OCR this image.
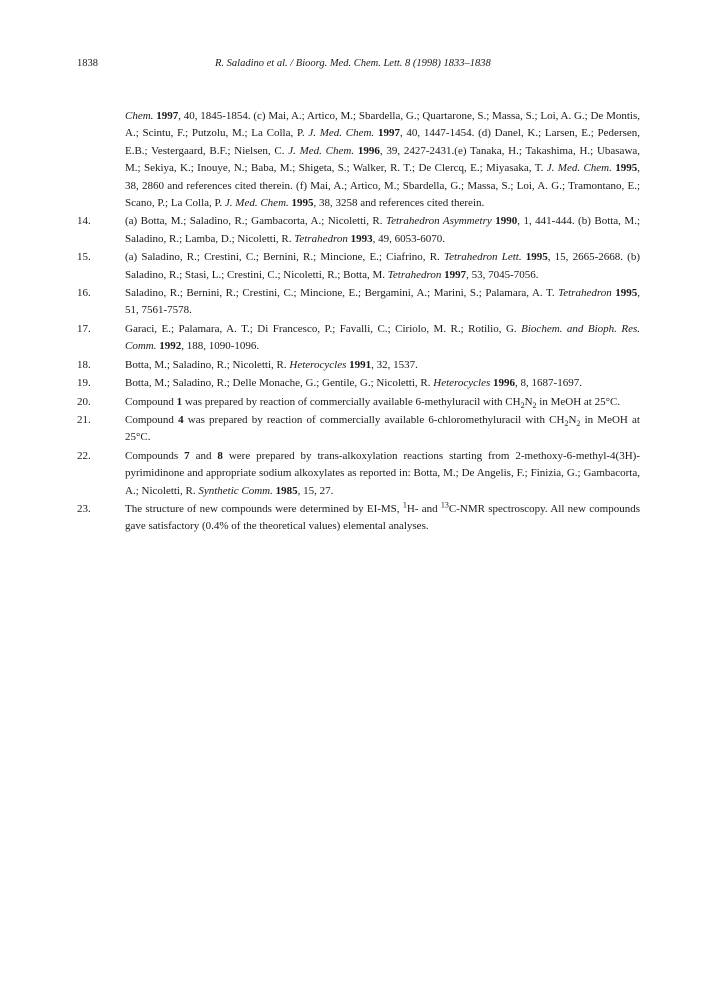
1838	R. Saladino et al. / Bioorg. Med. Chem. Lett. 8 (1998) 1833–1838
Chem. 1997, 40, 1845-1854. (c) Mai, A.; Artico, M.; Sbardella, G.; Quartarone, S.; Massa, S.; Loi, A. G.; De Montis, A.; Scintu, F.; Putzolu, M.; La Colla, P. J. Med. Chem. 1997, 40, 1447-1454. (d) Danel, K.; Larsen, E.; Pedersen, E.B.; Vestergaard, B.F.; Nielsen, C. J. Med. Chem. 1996, 39, 2427-2431.(e) Tanaka, H.; Takashima, H.; Ubasawa, M.; Sekiya, K.; Inouye, N.; Baba, M.; Shigeta, S.; Walker, R. T.; De Clercq, E.; Miyasaka, T. J. Med. Chem. 1995, 38, 2860 and references cited therein. (f) Mai, A.; Artico, M.; Sbardella, G.; Massa, S.; Loi, A. G.; Tramontano, E.; Scano, P.; La Colla, P. J. Med. Chem. 1995, 38, 3258 and references cited therein.
14.	(a) Botta, M.; Saladino, R.; Gambacorta, A.; Nicoletti, R. Tetrahedron Asymmetry 1990, 1, 441-444. (b) Botta, M.; Saladino, R.; Lamba, D.; Nicoletti, R. Tetrahedron 1993, 49, 6053-6070.
15.	(a) Saladino, R.; Crestini, C.; Bernini, R.; Mincione, E.; Ciafrino, R. Tetrahedron Lett. 1995, 15, 2665-2668. (b) Saladino, R.; Stasi, L.; Crestini, C.; Nicoletti, R.; Botta, M. Tetrahedron 1997, 53, 7045-7056.
16.	Saladino, R.; Bernini, R.; Crestini, C.; Mincione, E.; Bergamini, A.; Marini, S.; Palamara, A. T. Tetrahedron 1995, 51, 7561-7578.
17.	Garaci, E.; Palamara, A. T.; Di Francesco, P.; Favalli, C.; Ciriolo, M. R.; Rotilio, G. Biochem. and Bioph. Res. Comm. 1992, 188, 1090-1096.
18.	Botta, M.; Saladino, R.; Nicoletti, R. Heterocycles 1991, 32, 1537.
19.	Botta, M.; Saladino, R.; Delle Monache, G.; Gentile, G.; Nicoletti, R. Heterocycles 1996, 8, 1687-1697.
20.	Compound 1 was prepared by reaction of commercially available 6-methyluracil with $CH_2N_2$ in MeOH at 25°C.
21.	Compound 4 was prepared by reaction of commercially available 6-chloromethyluracil with $CH_2N_2$ in MeOH at 25°C.
22.	Compounds 7 and 8 were prepared by trans-alkoxylation reactions starting from 2-methoxy-6-methyl-4(3H)-pyrimidinone and appropriate sodium alkoxylates as reported in: Botta, M.; De Angelis, F.; Finizia, G.; Gambacorta, A.; Nicoletti, R. Synthetic Comm. 1985, 15, 27.
23.	The structure of new compounds were determined by EI-MS, $^1$H- and $^{13}$C-NMR spectroscopy. All new compounds gave satisfactory (0.4% of the theoretical values) elemental analyses.
